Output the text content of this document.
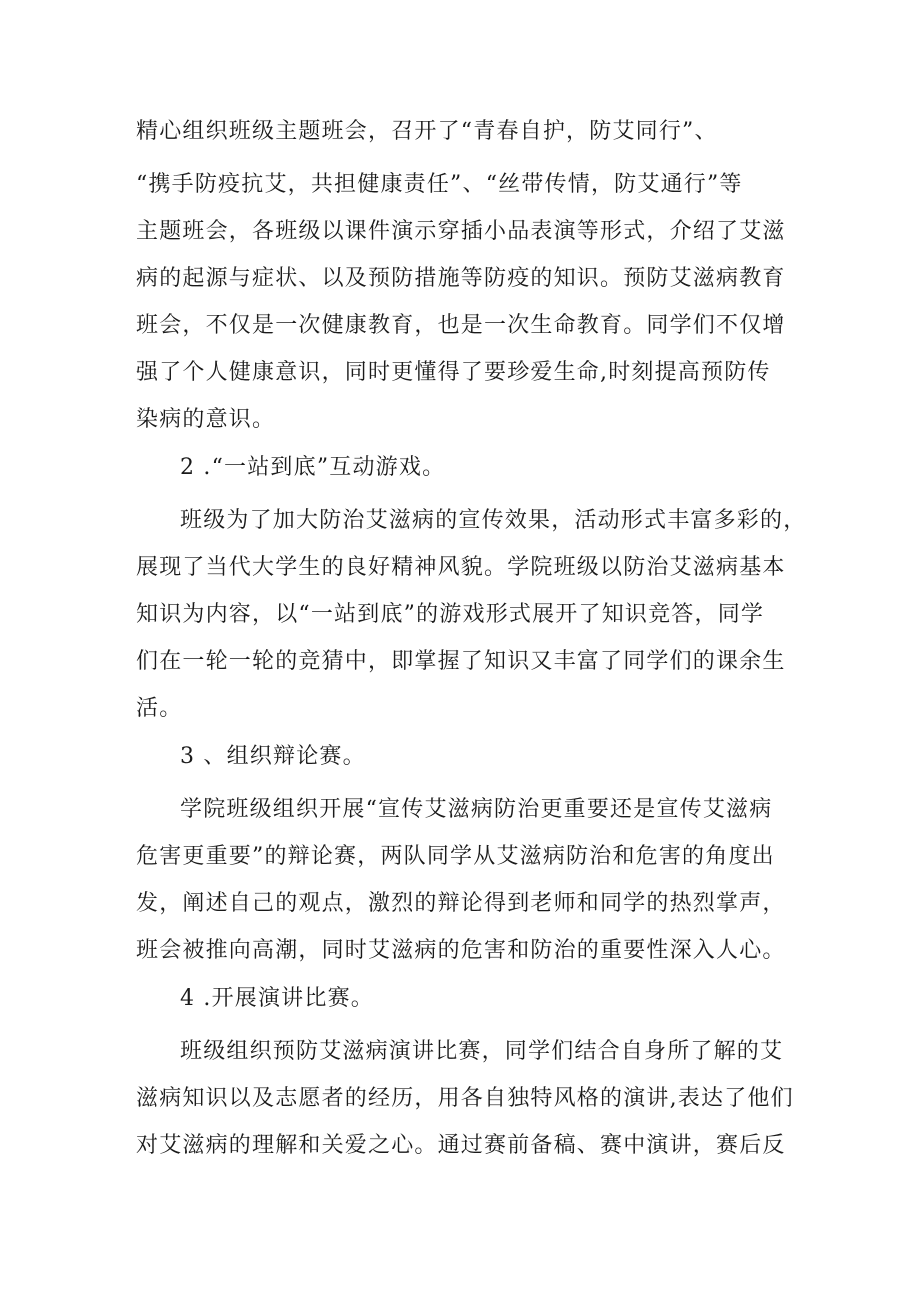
精心组织班级主题班会，召开了“青春自护，防艾同行”、
“携手防疫抗艾，共担健康责任”、“丝带传情，防艾通行”等
主题班会，各班级以课件演示穿插小品表演等形式，介绍了艾滋
病的起源与症状、以及预防措施等防疫的知识。预防艾滋病教育
班会，不仅是一次健康教育，也是一次生命教育。同学们不仅增
强了个人健康意识，同时更懂得了要珍爱生命,时刻提高预防传
染病的意识。
2 .“一站到底”互动游戏。
班级为了加大防治艾滋病的宣传效果，活动形式丰富多彩的，
展现了当代大学生的良好精神风貌。学院班级以防治艾滋病基本
知识为内容，以“一站到底”的游戏形式展开了知识竞答，同学
们在一轮一轮的竞猜中，即掌握了知识又丰富了同学们的课余生
活。
3 、组织辩论赛。
学院班级组织开展“宣传艾滋病防治更重要还是宣传艾滋病
危害更重要”的辩论赛，两队同学从艾滋病防治和危害的角度出
发，阐述自己的观点，激烈的辩论得到老师和同学的热烈掌声，
班会被推向高潮，同时艾滋病的危害和防治的重要性深入人心。
4 .开展演讲比赛。
班级组织预防艾滋病演讲比赛，同学们结合自身所了解的艾
滋病知识以及志愿者的经历，用各自独特风格的演讲,表达了他们
对艾滋病的理解和关爱之心。通过赛前备稿、赛中演讲，赛后反
